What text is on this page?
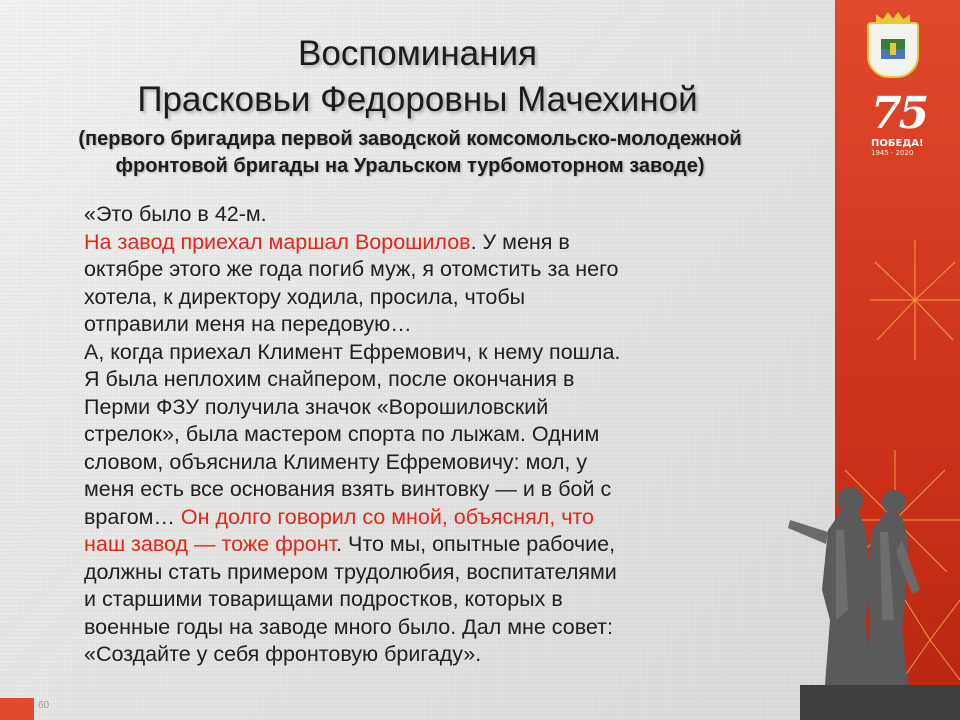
Воспоминания
Прасковьи Федоровны Мачехиной

(первого бригадира первой заводской комсомольско-молодежной
фронтовой бригады на Уральском турбомоторном заводе)

«Это было в 42-м.
На завод приехал маршал Ворошилов. У меня в
октябре этого же года погиб муж, я отомстить за него
хотела, к директору ходила, просила, чтобы
отправили меня на передовую…
А, когда приехал Климент Ефремович, к нему пошла.
Я была неплохим снайпером, после окончания в
Перми ФЗУ получила значок «Ворошиловский
стрелок», была мастером спорта по лыжам. Одним
словом, объяснила Клименту Ефремовичу: мол, у
меня есть все основания взять винтовку — и в бой с
врагом… Он долго говорил со мной, объяснял, что
наш завод — тоже фронт. Что мы, опытные рабочие,
должны стать примером трудолюбия, воспитателями
и старшими товарищами подростков, которых в
военные годы на заводе много было. Дал мне совет:
«Создайте у себя фронтовую бригаду».

75
ПОБЕДА!
1945 · 2020
60
